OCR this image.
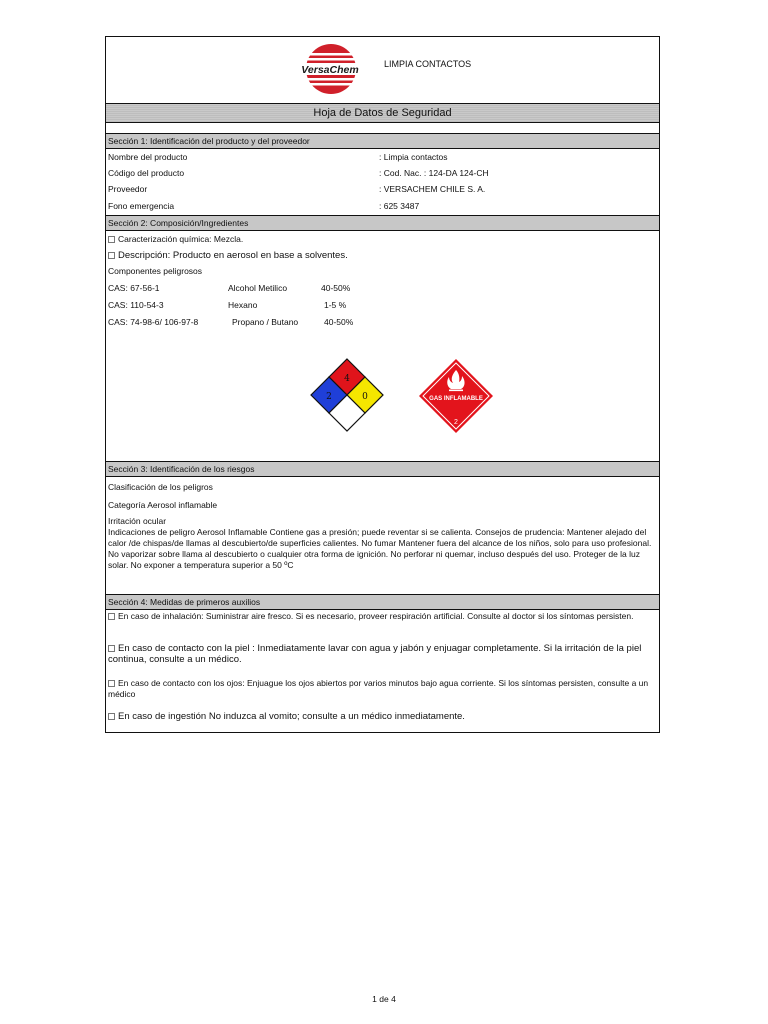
VersaChem	LIMPIA CONTACTOS
Hoja de Datos de Seguridad
Sección 1: Identificación del producto y del proveedor
Nombre del producto	: Limpia contactos
Código del producto	: Cod. Nac. : 124-DA 124-CH
Proveedor	: VERSACHEM CHILE S. A.
Fono emergencia	: 625 3487
Sección 2: Composición/Ingredientes
Caracterización química: Mezcla.
Descripción: Producto en aerosol en base a solventes.
Componentes peligrosos
CAS: 67-56-1	Alcohol Metilico	40-50%
CAS: 110-54-3	Hexano	1-5 %
CAS: 74-98-6/ 106-97-8	Propano / Butano	40-50%
4
2	0	GAS INFLAMABLE
2
Sección 3: Identificación de los riesgos
Clasificación de los peligros
Categoría Aerosol inflamable
Irritación ocular
Indicaciones de peligro Aerosol Inflamable Contiene gas a presión; puede reventar si se calienta. Consejos de prudencia: Mantener alejado del calor /de chispas/de llamas al descubierto/de superficies calientes. No fumar Mantener fuera del alcance de los niños, solo para uso profesional. No vaporizar sobre llama al descubierto o cualquier otra forma de ignición. No perforar ni quemar, incluso después del uso. Proteger de la luz solar. No exponer a temperatura superior a 50 ºC
Sección 4: Medidas de primeros auxilios
En caso de inhalación: Suministrar aire fresco. Si es necesario, proveer respiración artificial. Consulte al doctor si los síntomas persisten.
En caso de contacto con la piel : Inmediatamente lavar con agua y jabón y enjuagar completamente. Si la irritación de la piel continua, consulte a un médico.
En caso de contacto con los ojos: Enjuague los ojos abiertos por varios minutos bajo agua corriente. Si los síntomas persisten, consulte a un médico
En caso de ingestión No induzca al vomito; consulte a un médico inmediatamente.
1 de 4
